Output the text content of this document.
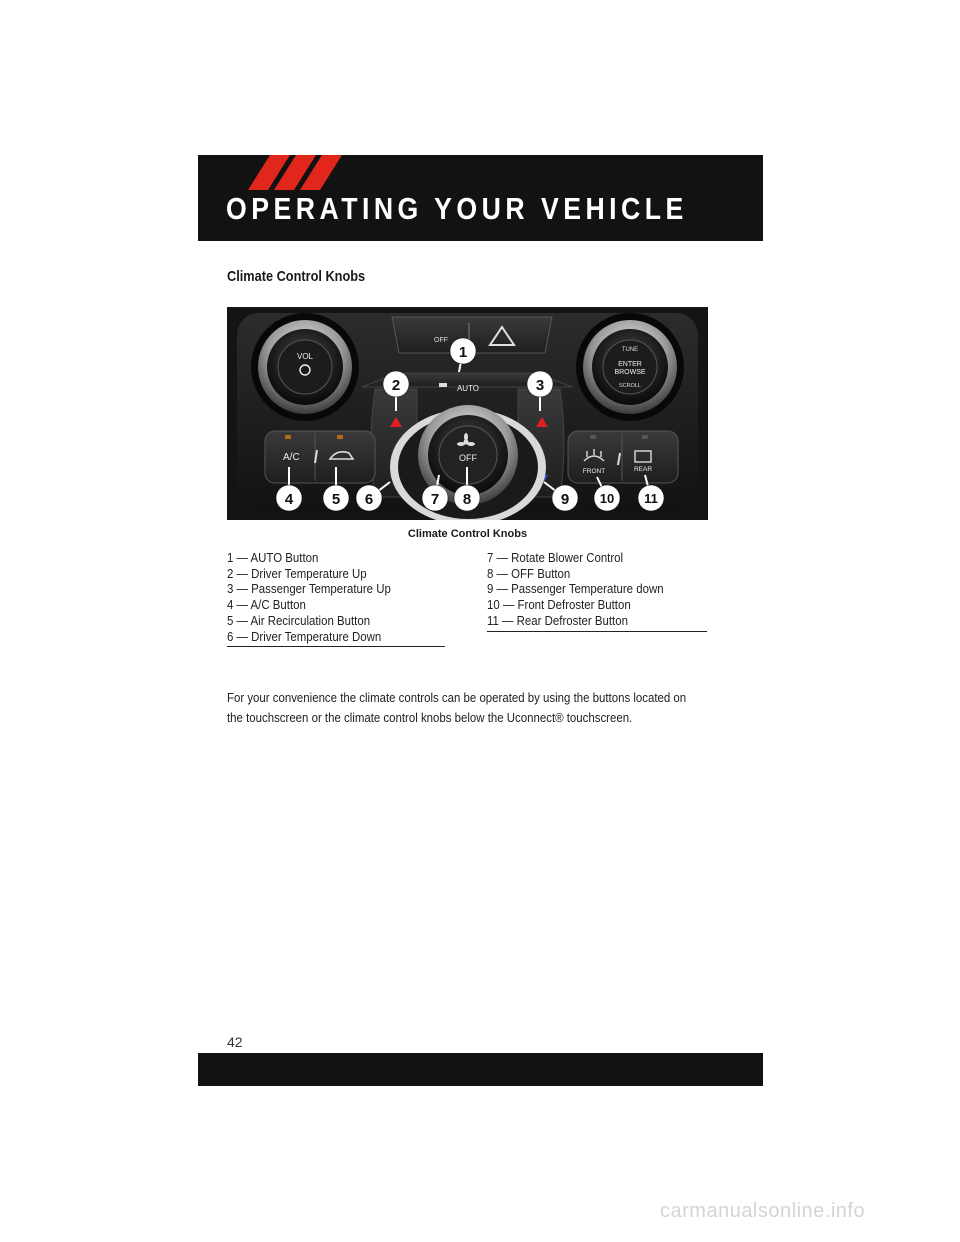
OPERATING YOUR VEHICLE
Climate Control Knobs
OFF
VOL
TUNE
ENTER
BROWSE
SCROLL
AUTO
A/C
FRONT	REAR
OFF
1
2	3
4	5 6	7 8	9 10 11
Climate Control Knobs
1 — AUTO Button
2 — Driver Temperature Up
3 — Passenger Temperature Up
4 — A/C Button
5 — Air Recirculation Button
6 — Driver Temperature Down
7 — Rotate Blower Control
8 — OFF Button
9 — Passenger Temperature down
10 — Front Defroster Button
11 — Rear Defroster Button

For your convenience the climate controls can be operated by using the buttons located on

the touchscreen or the climate control knobs below the Uconnect® touchscreen.

42
carmanualsonline.info
